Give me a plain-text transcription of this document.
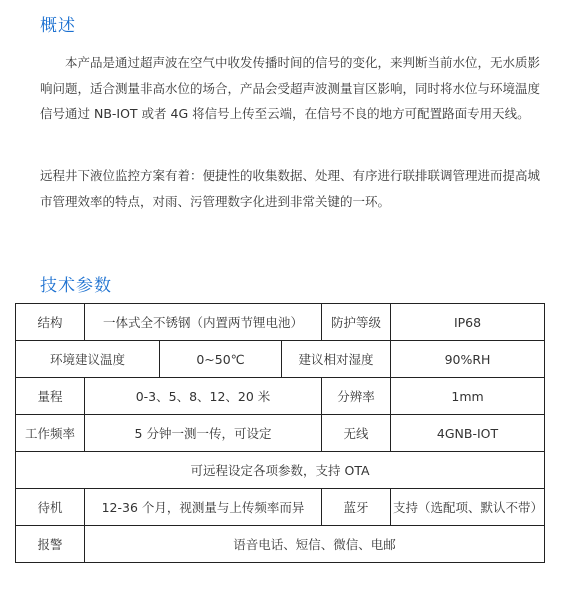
概述

本产品是通过超声波在空气中收发传播时间的信号的变化，来判断当前水位，无水质影响问题，适合测量非高水位的场合，产品会受超声波测量盲区影响，同时将水位与环境温度信号通过 NB-IOT 或者 4G 将信号上传至云端，在信号不良的地方可配置路面专用天线。

远程井下液位监控方案有着：便捷性的收集数据、处理、有序进行联排联调管理进而提高城市管理效率的特点，对雨、污管理数字化进到非常关键的一环。

技术参数
结构	一体式全不锈钢（内置两节锂电池）			防护等级	IP68
环境建议温度		0~50℃	建议相对湿度		90%RH
量程	0-3、5、8、12、20 米			分辨率	1mm
工作频率	5 分钟一测一传，可设定			无线	4GNB-IOT
可远程设定各项参数，支持 OTA					
待机	12-36 个月，视测量与上传频率而异			蓝牙	支持（选配项、默认不带）
报警	语音电话、短信、微信、电邮				
